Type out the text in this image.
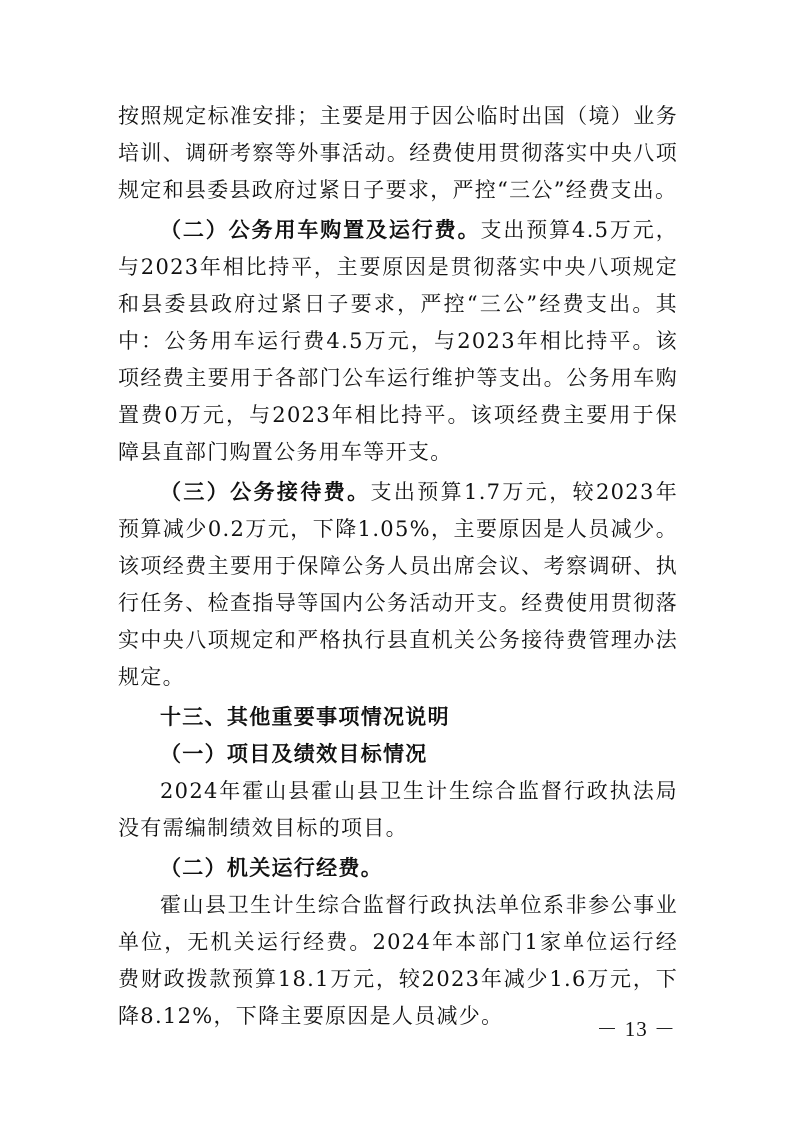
按照规定标准安排；主要是用于因公临时出国（境）业务培训、调研考察等外事活动。经费使用贯彻落实中央八项规定和县委县政府过紧日子要求，严控“三公”经费支出。

（二）公务用车购置及运行费。支出预算4.5万元，与2023年相比持平，主要原因是贯彻落实中央八项规定和县委县政府过紧日子要求，严控“三公”经费支出。其中：公务用车运行费4.5万元，与2023年相比持平。该项经费主要用于各部门公车运行维护等支出。公务用车购置费0万元，与2023年相比持平。该项经费主要用于保障县直部门购置公务用车等开支。

（三）公务接待费。支出预算1.7万元，较2023年预算减少0.2万元，下降1.05%，主要原因是人员减少。该项经费主要用于保障公务人员出席会议、考察调研、执行任务、检查指导等国内公务活动开支。经费使用贯彻落实中央八项规定和严格执行县直机关公务接待费管理办法规定。

十三、其他重要事项情况说明

（一）项目及绩效目标情况

2024年霍山县霍山县卫生计生综合监督行政执法局没有需编制绩效目标的项目。

（二）机关运行经费。

霍山县卫生计生综合监督行政执法单位系非参公事业单位，无机关运行经费。2024年本部门1家单位运行经费财政拨款预算18.1万元，较2023年减少1.6万元，下降8.12%，下降主要原因是人员减少。

－ 13 －
